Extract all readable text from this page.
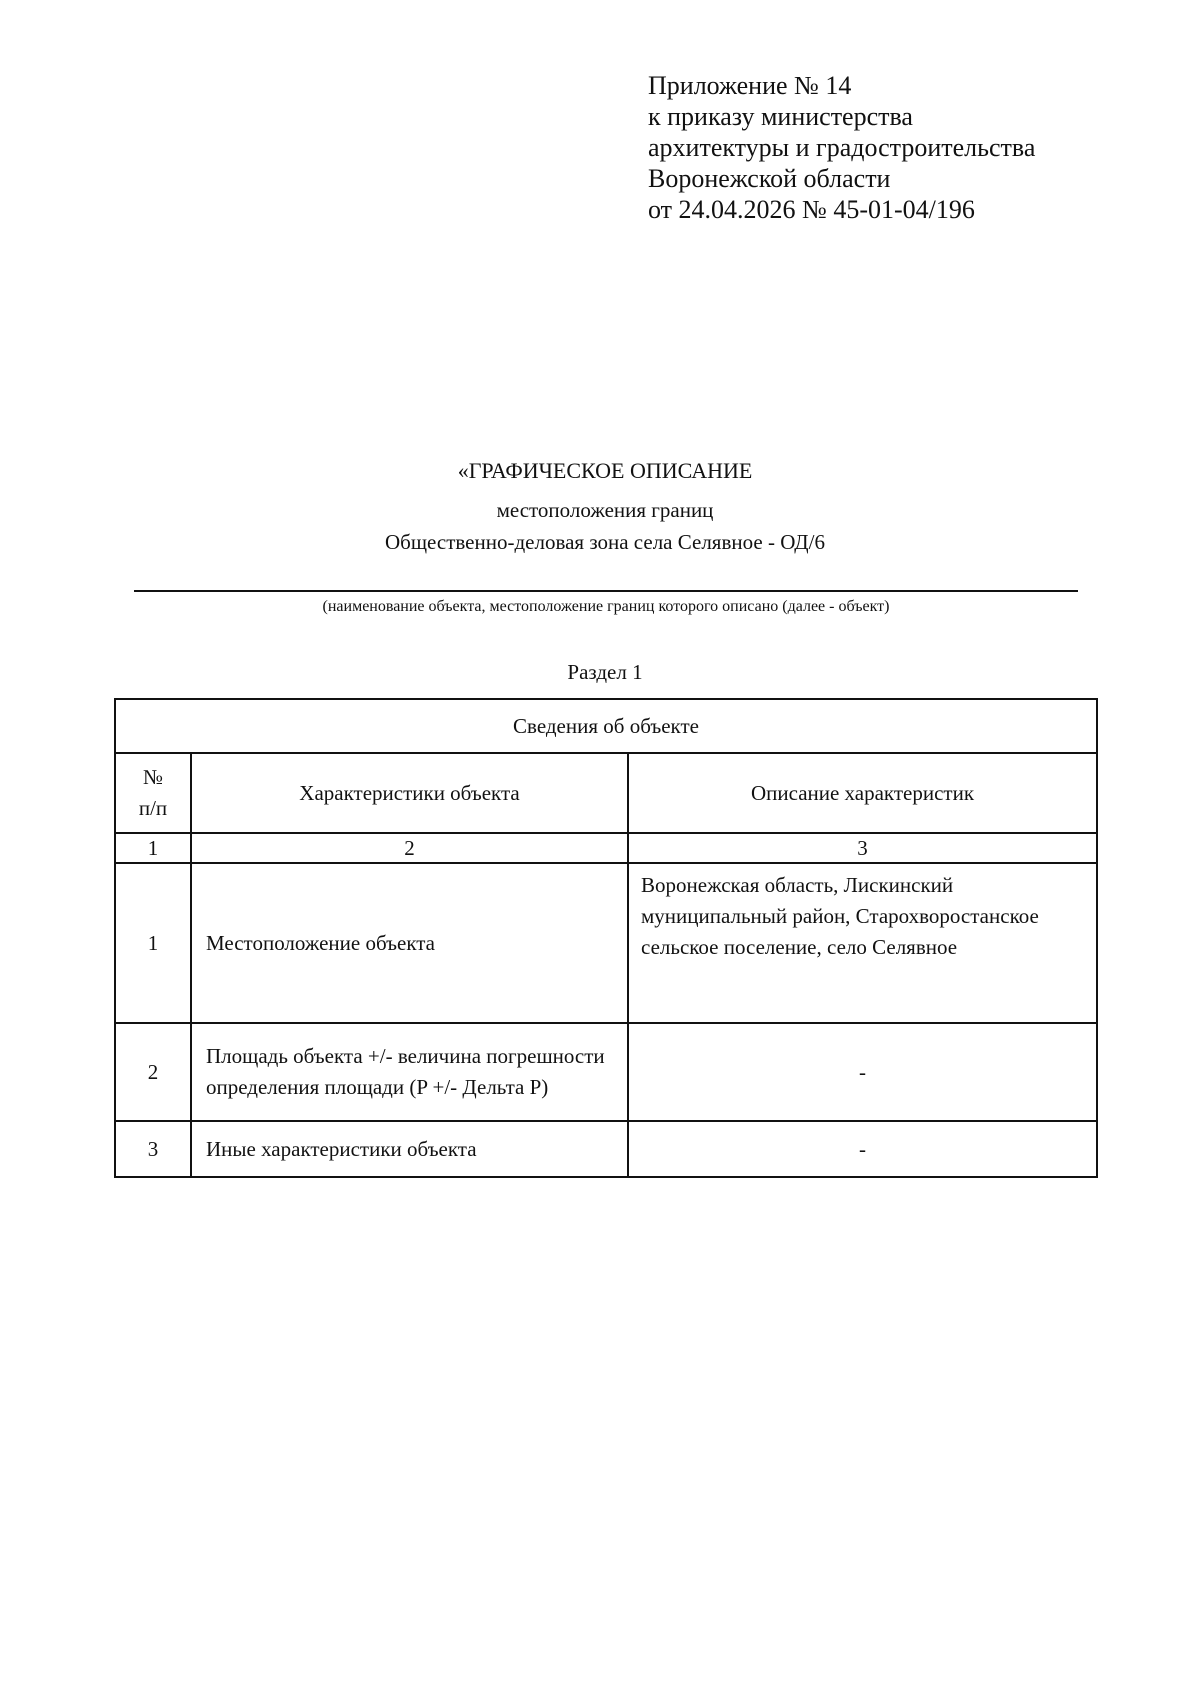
Приложение № 14
к приказу министерства
архитектуры и градостроительства
Воронежской области
от 24.04.2026 № 45-01-04/196
«ГРАФИЧЕСКОЕ ОПИСАНИЕ
местоположения границ
Общественно-деловая зона села Селявное - ОД/6
(наименование объекта, местоположение границ которого описано (далее - объект)
Раздел 1
Сведения об объекте		

№ п/п	Характеристики объекта	Описание характеристик
1	2	3
1	Местоположение объекта	Воронежская область, Лискинский муниципальный район, Старохворостанское сельское поселение, село Селявное
2	Площадь объекта +/- величина погрешности определения площади (P +/- Дельта P)	-
3	Иные характеристики объекта	-
